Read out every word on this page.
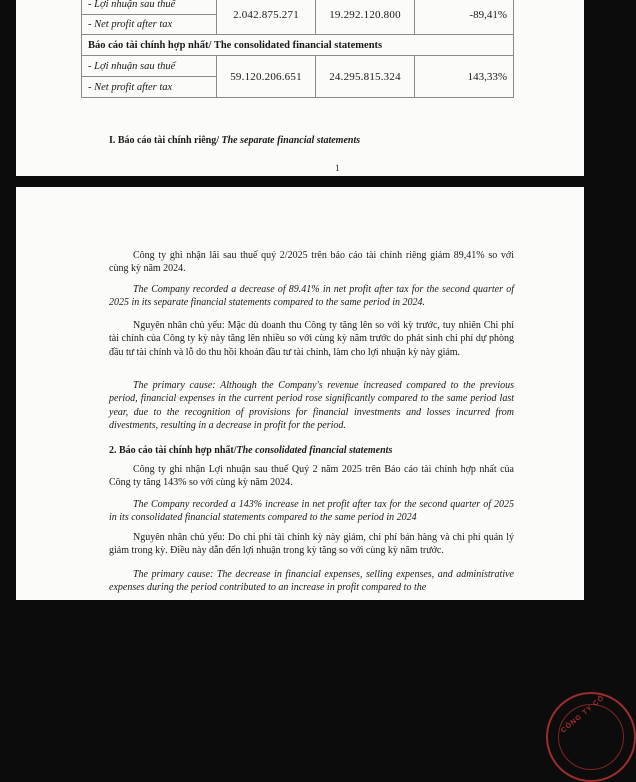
- Lợi nhuận sau thuế	2.042.875.271	19.292.120.800	-89,41%
- Net profit after tax			
Báo cáo tài chính hợp nhất/ The consolidated financial statements			
- Lợi nhuận sau thuế	59.120.206.651	24.295.815.324	143,33%
- Net profit after tax			
I. Báo cáo tài chính riêng/ The separate financial statements
1

Công ty ghi nhận lãi sau thuế quý 2/2025 trên báo cáo tài chính riêng giảm 89,41% so với cùng kỳ năm 2024.

The Company recorded a decrease of 89.41% in net profit after tax for the second quarter of 2025 in its separate financial statements compared to the same period in 2024.

Nguyên nhân chủ yếu: Mặc dù doanh thu Công ty tăng lên so với kỳ trước, tuy nhiên Chi phí tài chính của Công ty kỳ này tăng lên nhiều so với cùng kỳ năm trước do phát sinh chi phí dự phòng đầu tư tài chính và lỗ do thu hồi khoản đầu tư tài chính, làm cho lợi nhuận kỳ này giảm.

The primary cause: Although the Company's revenue increased compared to the previous period, financial expenses in the current period rose significantly compared to the same period last year, due to the recognition of provisions for financial investments and losses incurred from divestments, resulting in a decrease in profit for the period.

2. Báo cáo tài chính hợp nhất/The consolidated financial statements

Công ty ghi nhận Lợi nhuận sau thuế Quý 2 năm 2025 trên Báo cáo tài chính hợp nhất của Công ty tăng 143% so với cùng kỳ năm 2024.

The Company recorded a 143% increase in net profit after tax for the second quarter of 2025 in its consolidated financial statements compared to the same period in 2024

Nguyên nhân chủ yếu: Do chi phí tài chính kỳ này giảm, chi phí bán hàng và chi phí quản lý giảm trong kỳ. Điều này dẫn đến lợi nhuận trong kỳ tăng so với cùng kỳ năm trước.

The primary cause: The decrease in financial expenses, selling expenses, and administrative expenses during the period contributed to an increase in profit compared to the

CÔNG TY CỔ
